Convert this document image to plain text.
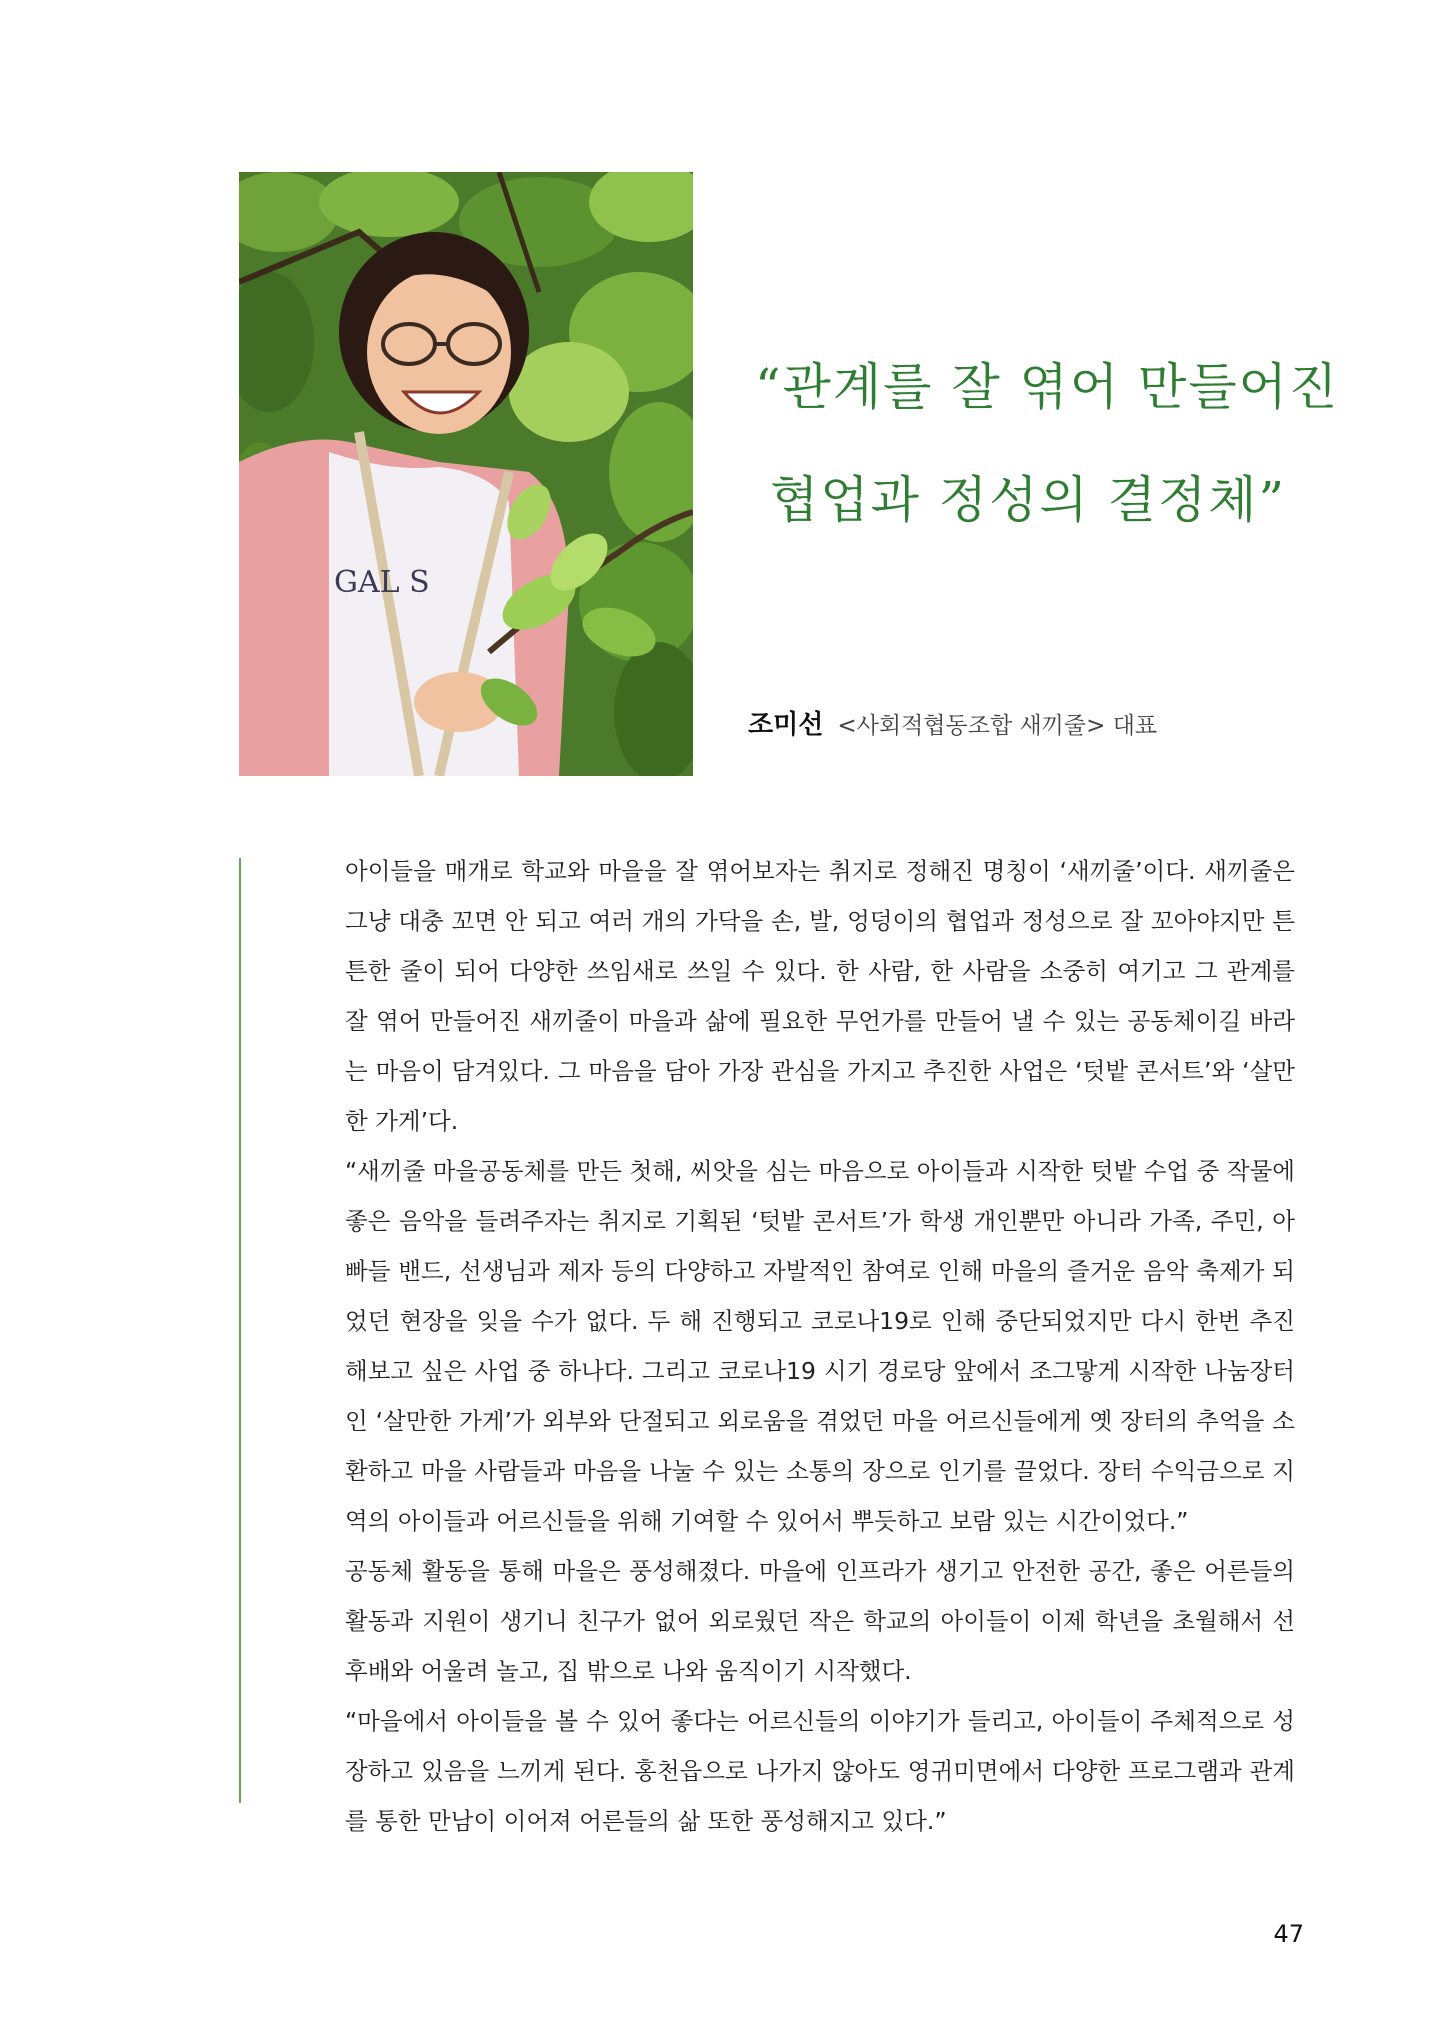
GAL S
“관계를 잘 엮어 만들어진
협업과 정성의 결정체”
조미선 <사회적협동조합 새끼줄> 대표

아이들을 매개로 학교와 마을을 잘 엮어보자는 취지로 정해진 명칭이 ‘새끼줄’이다. 새끼줄은 그냥 대충 꼬면 안 되고 여러 개의 가닥을 손, 발, 엉덩이의 협업과 정성으로 잘 꼬아야지만 튼튼한 줄이 되어 다양한 쓰임새로 쓰일 수 있다. 한 사람, 한 사람을 소중히 여기고 그 관계를 잘 엮어 만들어진 새끼줄이 마을과 삶에 필요한 무언가를 만들어 낼 수 있는 공동체이길 바라는 마음이 담겨있다. 그 마음을 담아 가장 관심을 가지고 추진한 사업은 ‘텃밭 콘서트’와 ‘살만한 가게’다.

“새끼줄 마을공동체를 만든 첫해, 씨앗을 심는 마음으로 아이들과 시작한 텃밭 수업 중 작물에 좋은 음악을 들려주자는 취지로 기획된 ‘텃밭 콘서트’가 학생 개인뿐만 아니라 가족, 주민, 아빠들 밴드, 선생님과 제자 등의 다양하고 자발적인 참여로 인해 마을의 즐거운 음악 축제가 되었던 현장을 잊을 수가 없다. 두 해 진행되고 코로나19로 인해 중단되었지만 다시 한번 추진해보고 싶은 사업 중 하나다. 그리고 코로나19 시기 경로당 앞에서 조그맣게 시작한 나눔장터인 ‘살만한 가게’가 외부와 단절되고 외로움을 겪었던 마을 어르신들에게 옛 장터의 추억을 소환하고 마을 사람들과 마음을 나눌 수 있는 소통의 장으로 인기를 끌었다. 장터 수익금으로 지역의 아이들과 어르신들을 위해 기여할 수 있어서 뿌듯하고 보람 있는 시간이었다.”

공동체 활동을 통해 마을은 풍성해졌다. 마을에 인프라가 생기고 안전한 공간, 좋은 어른들의 활동과 지원이 생기니 친구가 없어 외로웠던 작은 학교의 아이들이 이제 학년을 초월해서 선후배와 어울려 놀고, 집 밖으로 나와 움직이기 시작했다.

“마을에서 아이들을 볼 수 있어 좋다는 어르신들의 이야기가 들리고, 아이들이 주체적으로 성장하고 있음을 느끼게 된다. 홍천읍으로 나가지 않아도 영귀미면에서 다양한 프로그램과 관계를 통한 만남이 이어져 어른들의 삶 또한 풍성해지고 있다.”

47
